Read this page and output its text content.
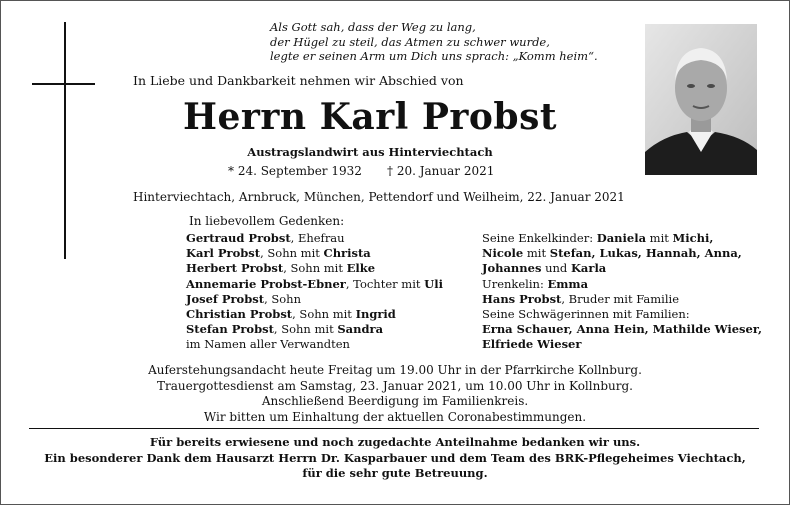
Als Gott sah, dass der Weg zu lang,
der Hügel zu steil, das Atmen zu schwer wurde,
legte er seinen Arm um Dich uns sprach: „Komm heim“.
In Liebe und Dankbarkeit nehmen wir Abschied von
Herrn Karl Probst
Austragslandwirt aus Hinterviechtach
* 24. September 1932 † 20. Januar 2021
Hinterviechtach, Arnbruck, München, Pettendorf und Weilheim, 22. Januar 2021
In liebevollem Gedenken:
Gertraud Probst, Ehefrau
Karl Probst, Sohn mit Christa
Herbert Probst, Sohn mit Elke
Annemarie Probst-Ebner, Tochter mit Uli
Josef Probst, Sohn
Christian Probst, Sohn mit Ingrid
Stefan Probst, Sohn mit Sandra
im Namen aller Verwandten
Seine Enkelkinder: Daniela mit Michi,
Nicole mit Stefan, Lukas, Hannah, Anna,
Johannes und Karla
Urenkelin: Emma
Hans Probst, Bruder mit Familie
Seine Schwägerinnen mit Familien:
Erna Schauer, Anna Hein, Mathilde Wieser,
Elfriede Wieser
Auferstehungsandacht heute Freitag um 19.00 Uhr in der Pfarrkirche Kollnburg.
Trauergottesdienst am Samstag, 23. Januar 2021, um 10.00 Uhr in Kollnburg.
Anschließend Beerdigung im Familienkreis.
Wir bitten um Einhaltung der aktuellen Coronabestimmungen.
Für bereits erwiesene und noch zugedachte Anteilnahme bedanken wir uns.
Ein besonderer Dank dem Hausarzt Herrn Dr. Kasparbauer und dem Team des BRK-Pflegeheimes Viechtach,
für die sehr gute Betreuung.
